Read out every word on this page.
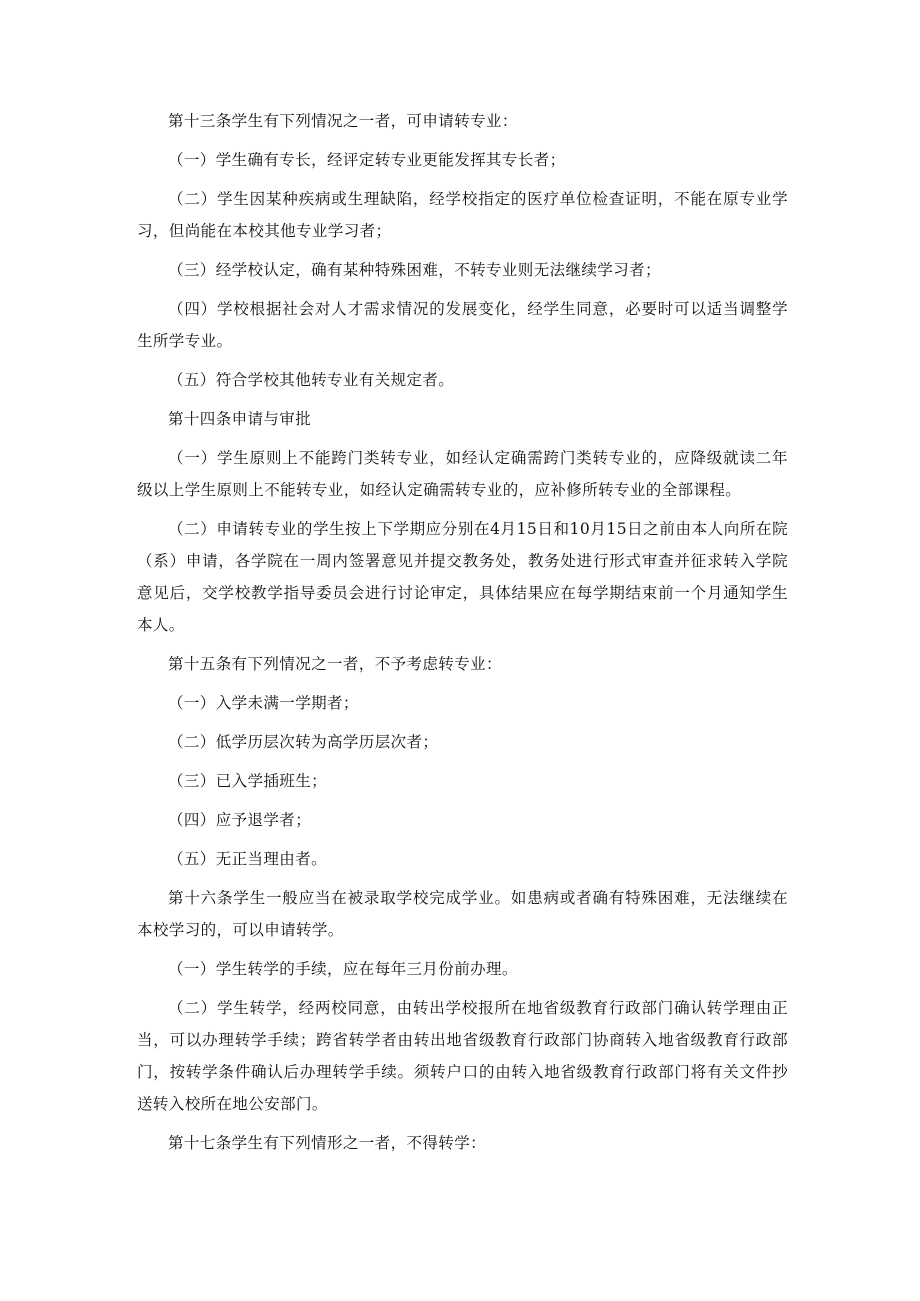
第十三条学生有下列情况之一者，可申请转专业：

（一）学生确有专长，经评定转专业更能发挥其专长者；

（二）学生因某种疾病或生理缺陷，经学校指定的医疗单位检查证明，不能在原专业学习，但尚能在本校其他专业学习者；

（三）经学校认定，确有某种特殊困难，不转专业则无法继续学习者；

（四）学校根据社会对人才需求情况的发展变化，经学生同意，必要时可以适当调整学生所学专业。

（五）符合学校其他转专业有关规定者。

第十四条申请与审批

（一）学生原则上不能跨门类转专业，如经认定确需跨门类转专业的，应降级就读二年级以上学生原则上不能转专业，如经认定确需转专业的，应补修所转专业的全部课程。

（二）申请转专业的学生按上下学期应分别在4月15日和10月15日之前由本人向所在院（系）申请，各学院在一周内签署意见并提交教务处，教务处进行形式审查并征求转入学院意见后，交学校教学指导委员会进行讨论审定，具体结果应在每学期结束前一个月通知学生本人。

第十五条有下列情况之一者，不予考虑转专业：

（一）入学未满一学期者；

（二）低学历层次转为高学历层次者；

（三）已入学插班生；

（四）应予退学者；

（五）无正当理由者。

第十六条学生一般应当在被录取学校完成学业。如患病或者确有特殊困难，无法继续在本校学习的，可以申请转学。

（一）学生转学的手续，应在每年三月份前办理。

（二）学生转学，经两校同意，由转出学校报所在地省级教育行政部门确认转学理由正当，可以办理转学手续；跨省转学者由转出地省级教育行政部门协商转入地省级教育行政部门，按转学条件确认后办理转学手续。须转户口的由转入地省级教育行政部门将有关文件抄送转入校所在地公安部门。

第十七条学生有下列情形之一者，不得转学：
